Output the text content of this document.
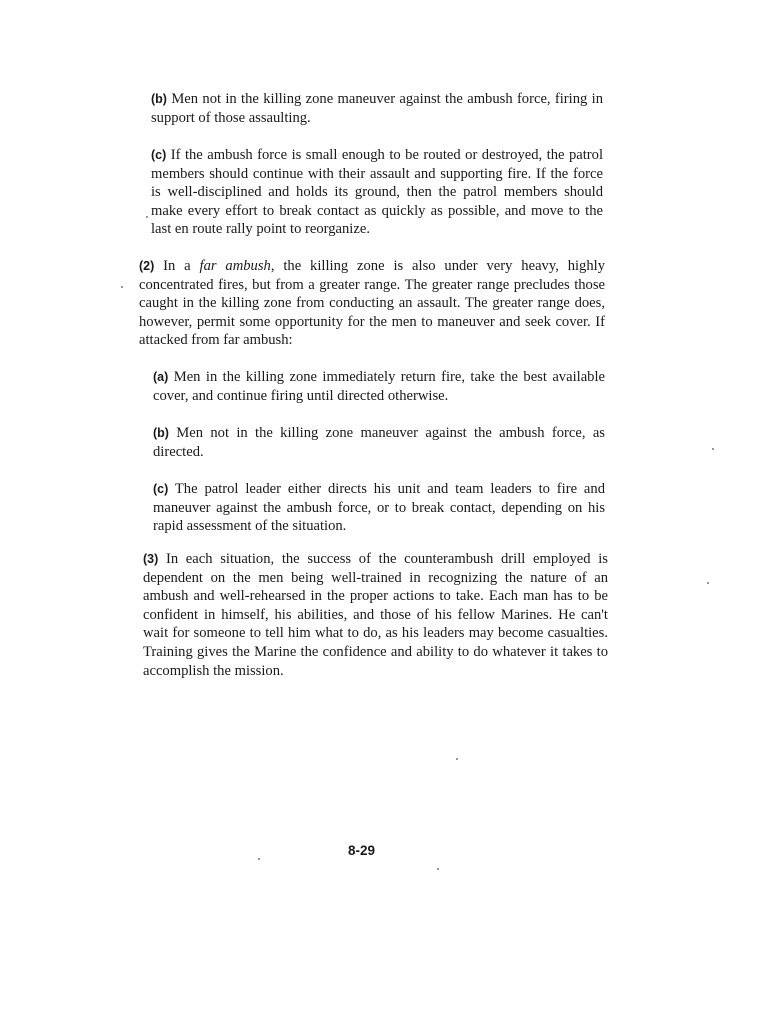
(b) Men not in the killing zone maneuver against the ambush force, firing in support of those assaulting.

(c) If the ambush force is small enough to be routed or destroyed, the patrol members should continue with their assault and supporting fire. If the force is well-disciplined and holds its ground, then the patrol members should make every effort to break contact as quickly as possible, and move to the last en route rally point to reorganize.

(2) In a far ambush, the killing zone is also under very heavy, highly concentrated fires, but from a greater range. The greater range precludes those caught in the killing zone from conducting an assault. The greater range does, however, permit some opportunity for the men to maneuver and seek cover. If attacked from far ambush:

(a) Men in the killing zone immediately return fire, take the best available cover, and continue firing until directed otherwise.

(b) Men not in the killing zone maneuver against the ambush force, as directed.

(c) The patrol leader either directs his unit and team leaders to fire and maneuver against the ambush force, or to break contact, depending on his rapid assessment of the situation.

(3) In each situation, the success of the counterambush drill employed is dependent on the men being well-trained in recognizing the nature of an ambush and well-rehearsed in the proper actions to take. Each man has to be confident in himself, his abilities, and those of his fellow Marines. He can't wait for someone to tell him what to do, as his leaders may become casualties. Training gives the Marine the confidence and ability to do whatever it takes to accomplish the mission.

8-29
